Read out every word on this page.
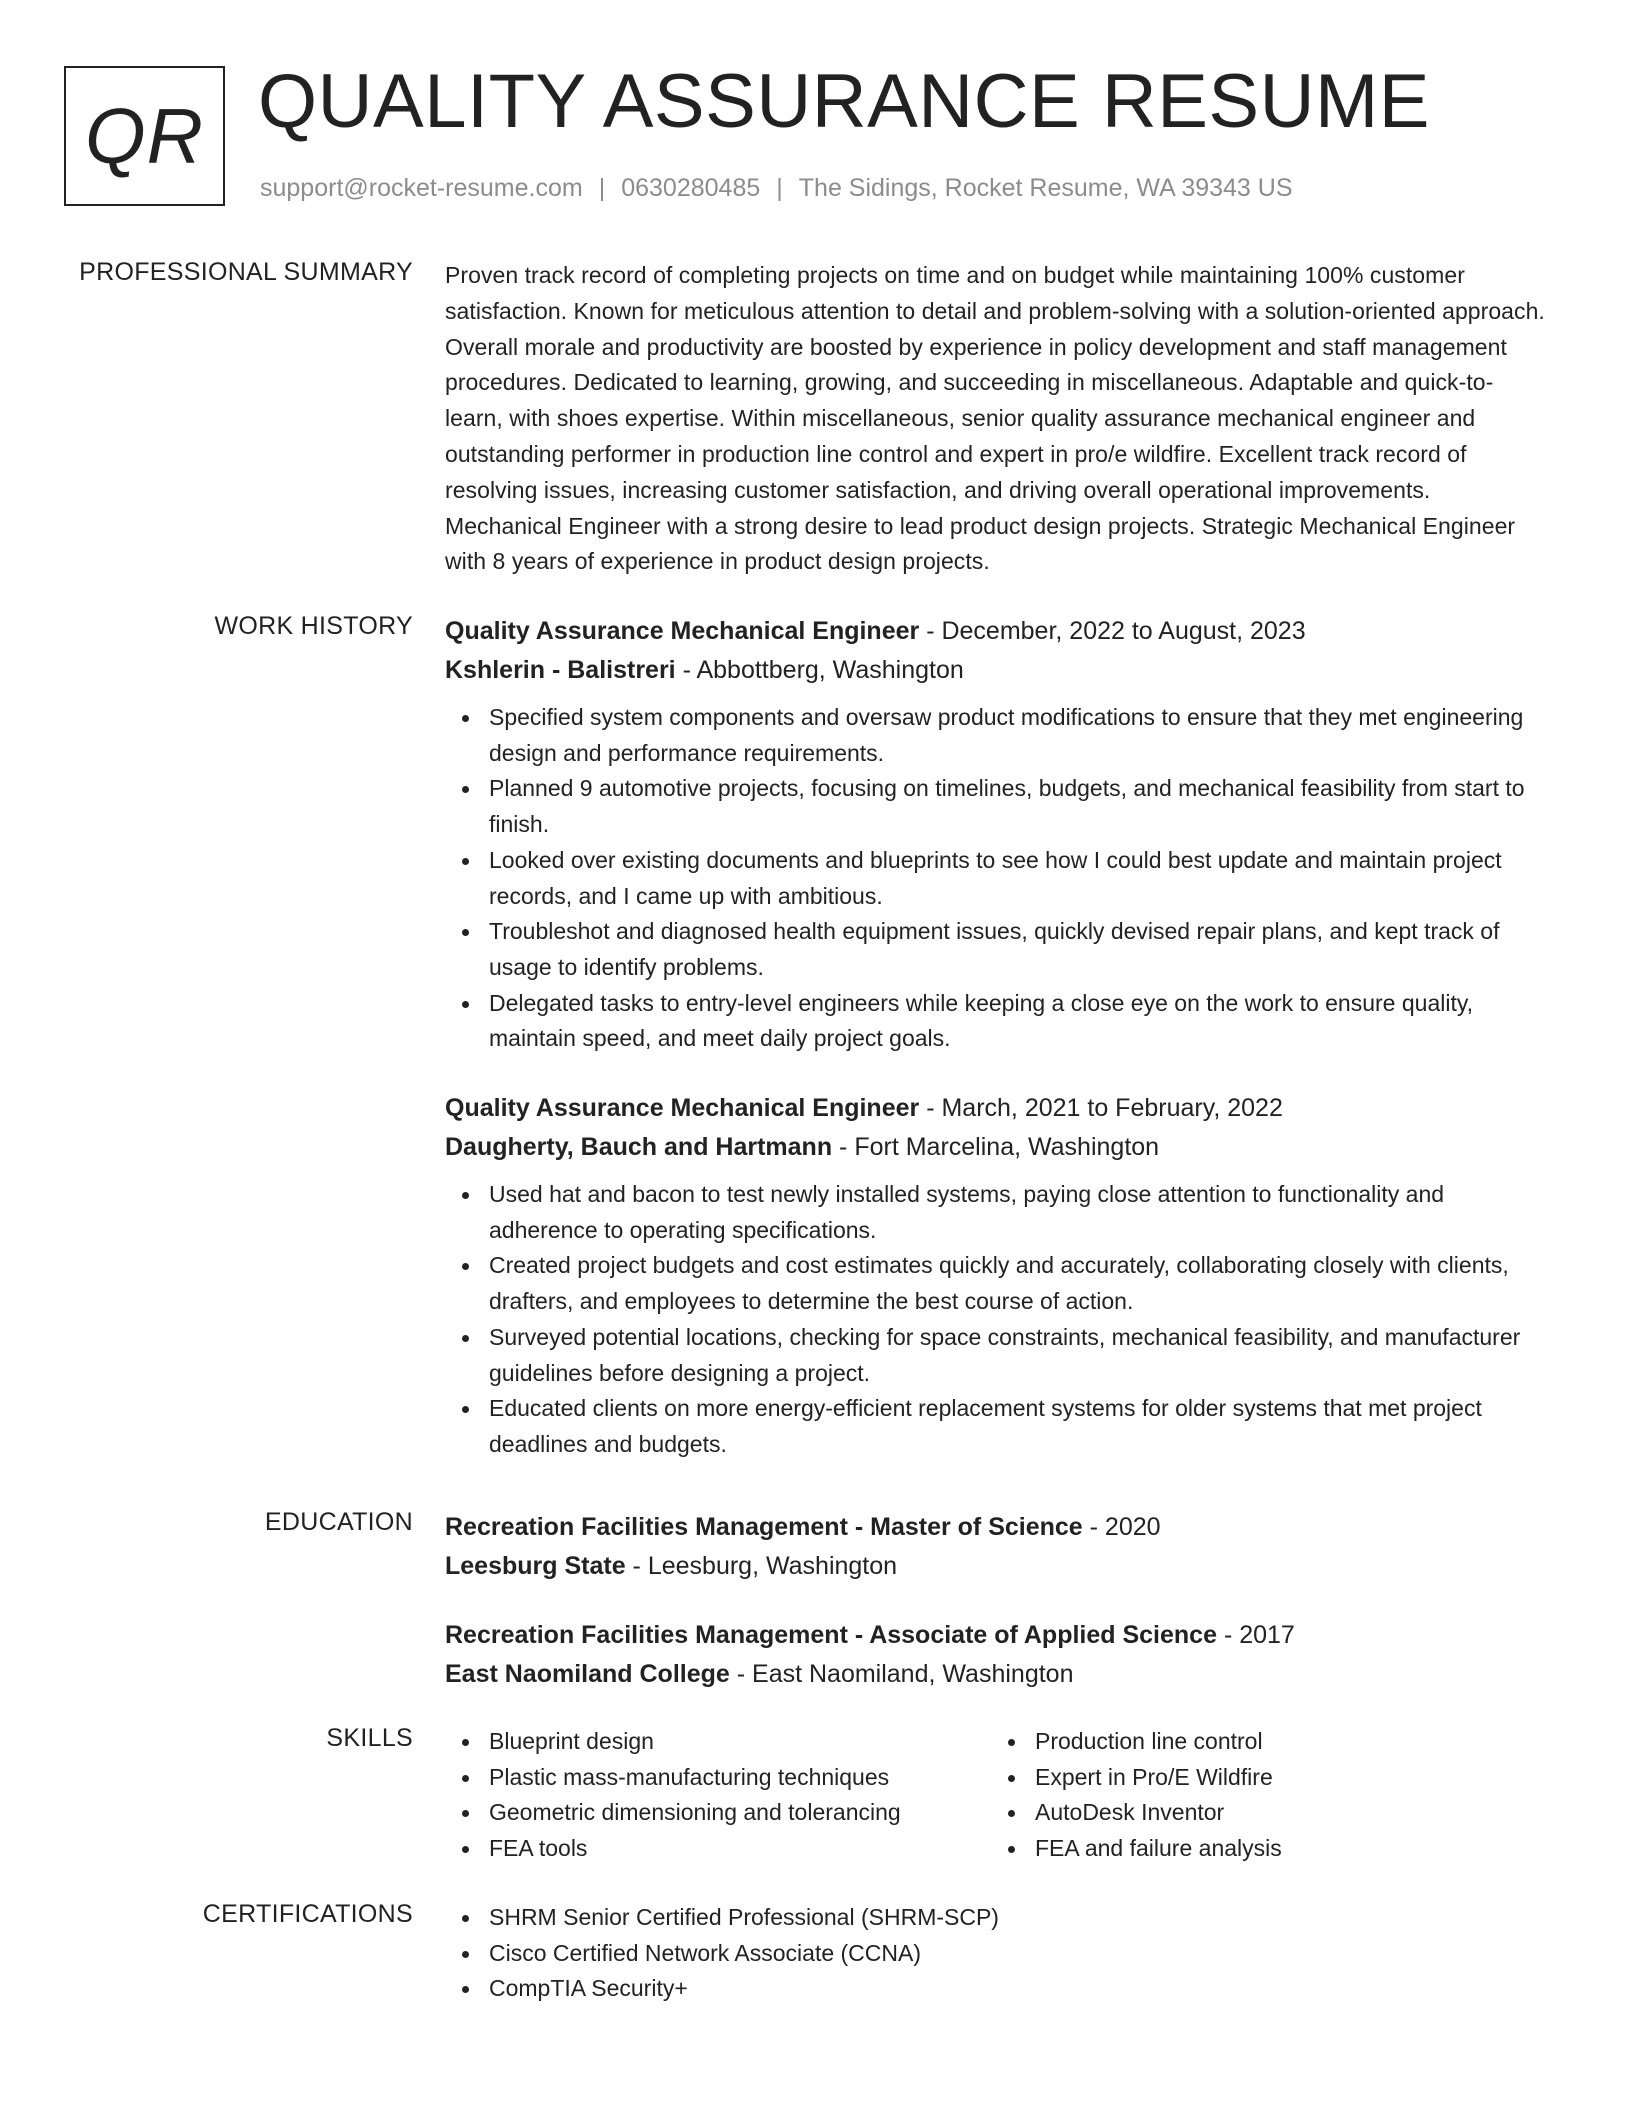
QR QUALITY ASSURANCE RESUME
support@rocket-resume.com | 0630280485 | The Sidings, Rocket Resume, WA 39343 US
PROFESSIONAL SUMMARY Proven track record of completing projects on time and on budget while maintaining 100% customer satisfaction. Known for meticulous attention to detail and problem-solving with a solution-oriented approach. Overall morale and productivity are boosted by experience in policy development and staff management procedures. Dedicated to learning, growing, and succeeding in miscellaneous. Adaptable and quick-to-learn, with shoes expertise. Within miscellaneous, senior quality assurance mechanical engineer and outstanding performer in production line control and expert in pro/e wildfire. Excellent track record of resolving issues, increasing customer satisfaction, and driving overall operational improvements. Mechanical Engineer with a strong desire to lead product design projects. Strategic Mechanical Engineer with 8 years of experience in product design projects.

WORK HISTORY Quality Assurance Mechanical Engineer - December, 2022 to August, 2023
Kshlerin - Balistreri - Abbottberg, Washington
Specified system components and oversaw product modifications to ensure that they met engineering design and performance requirements.
Planned 9 automotive projects, focusing on timelines, budgets, and mechanical feasibility from start to finish.
Looked over existing documents and blueprints to see how I could best update and maintain project records, and I came up with ambitious.
Troubleshot and diagnosed health equipment issues, quickly devised repair plans, and kept track of usage to identify problems.
Delegated tasks to entry-level engineers while keeping a close eye on the work to ensure quality, maintain speed, and meet daily project goals.
Quality Assurance Mechanical Engineer - March, 2021 to February, 2022
Daugherty, Bauch and Hartmann - Fort Marcelina, Washington
Used hat and bacon to test newly installed systems, paying close attention to functionality and adherence to operating specifications.
Created project budgets and cost estimates quickly and accurately, collaborating closely with clients, drafters, and employees to determine the best course of action.
Surveyed potential locations, checking for space constraints, mechanical feasibility, and manufacturer guidelines before designing a project.
Educated clients on more energy-efficient replacement systems for older systems that met project deadlines and budgets.
EDUCATION Recreation Facilities Management - Master of Science - 2020
Leesburg State - Leesburg, Washington
Recreation Facilities Management - Associate of Applied Science - 2017
East Naomiland College - East Naomiland, Washington
SKILLS	Blueprint design
Plastic mass-manufacturing techniques
Geometric dimensioning and tolerancing
FEA tools
Production line control
Expert in Pro/E Wildfire
AutoDesk Inventor
FEA and failure analysis
CERTIFICATIONS	SHRM Senior Certified Professional (SHRM-SCP)
Cisco Certified Network Associate (CCNA)
CompTIA Security+
